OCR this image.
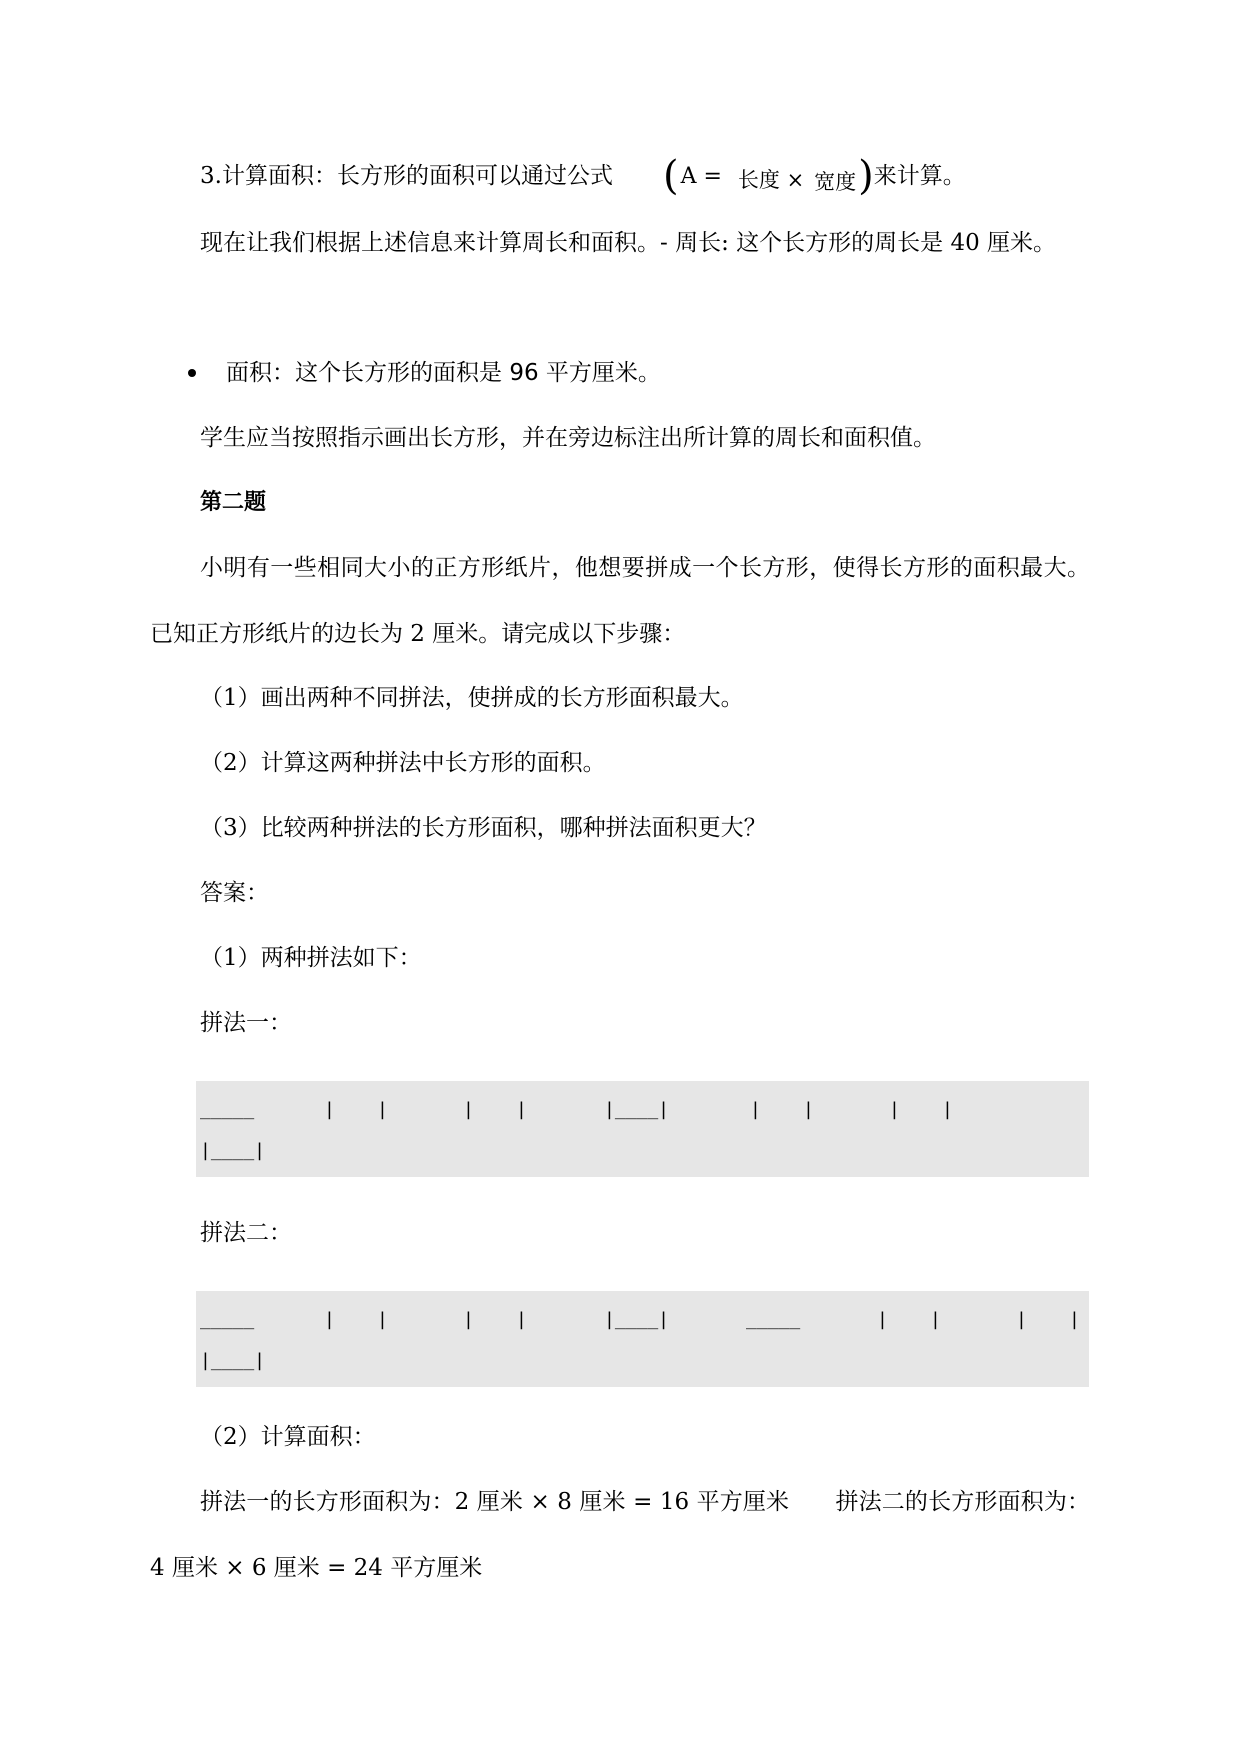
3.计算面积：长方形的面积可以通过公式 (A = 长度 × 宽度)来计算。
现在让我们根据上述信息来计算周长和面积。- 周长: 这个长方形的周长是 40 厘米。
面积：这个长方形的面积是 96 平方厘米。
学生应当按照指示画出长方形，并在旁边标注出所计算的周长和面积值。
第二题
小明有一些相同大小的正方形纸片，他想要拼成一个长方形，使得长方形的面积最大。已知正方形纸片的边长为 2 厘米。请完成以下步骤：
（1）画出两种不同拼法，使拼成的长方形面积最大。
（2）计算这两种拼法中长方形的面积。
（3）比较两种拼法的长方形面积，哪种拼法面积更大？
答案：
（1）两种拼法如下：
拼法一：
_____	| |	| |	|____|	| |	| |
|____|
拼法二：
_____	| |	| |	|____|	_____	| |	| |
|____|
（2）计算面积：
拼法一的长方形面积为：2 厘米 × 8 厘米 = 16 平方厘米　　拼法二的长方形面积为：4 厘米 × 6 厘米 = 24 平方厘米
